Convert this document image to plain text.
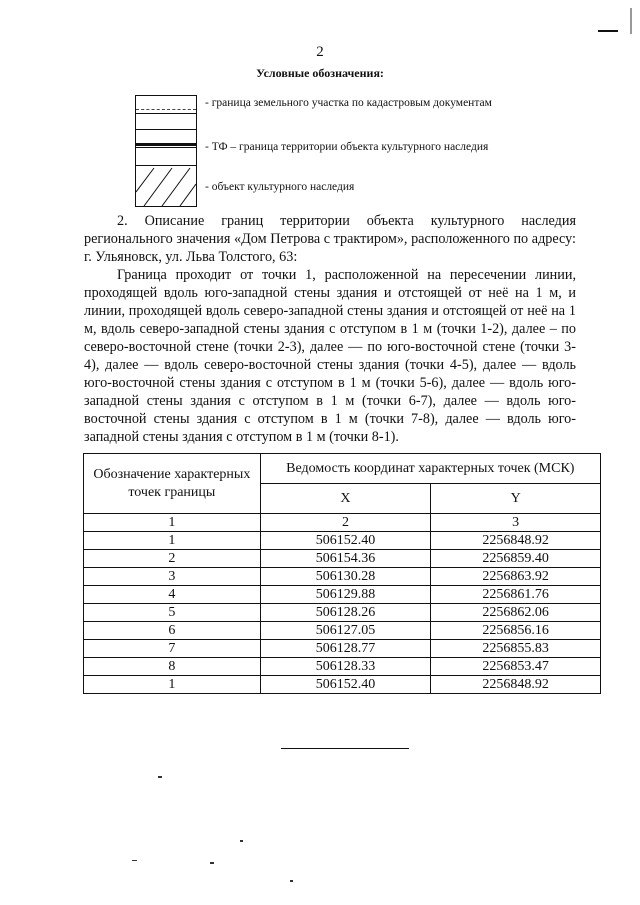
2
Условные обозначения:
- граница земельного участка по кадастровым документам
- ТФ – граница территории объекта культурного наследия
- объект культурного наследия
2. Описание границ территории объекта культурного наследия регионального значения «Дом Петрова с трактиром», расположенного по адресу: г. Ульяновск, ул. Льва Толстого, 63:
Граница проходит от точки 1, расположенной на пересечении линии, проходящей вдоль юго-западной стены здания и отстоящей от неё на 1 м, и линии, проходящей вдоль северо-западной стены здания и отстоящей от неё на 1 м, вдоль северо-западной стены здания с отступом в 1 м (точки 1-2), далее – по северо-восточной стене (точки 2-3), далее — по юго-восточной стене (точки 3-4), далее — вдоль северо-восточной стены здания (точки 4-5), далее — вдоль юго-восточной стены здания с отступом в 1 м (точки 5-6), далее — вдоль юго-западной стены здания с отступом в 1 м (точки 6-7), далее — вдоль юго-восточной стены здания с отступом в 1 м (точки 7-8), далее — вдоль юго-западной стены здания с отступом в 1 м (точки 8-1).
Обозначение характерных точек границы	Ведомость координат характерных точек (МСК)	
	X	Y
1	2	3
1	506152.40	2256848.92
2	506154.36	2256859.40
3	506130.28	2256863.92
4	506129.88	2256861.76
5	506128.26	2256862.06
6	506127.05	2256856.16
7	506128.77	2256855.83
8	506128.33	2256853.47
1	506152.40	2256848.92
